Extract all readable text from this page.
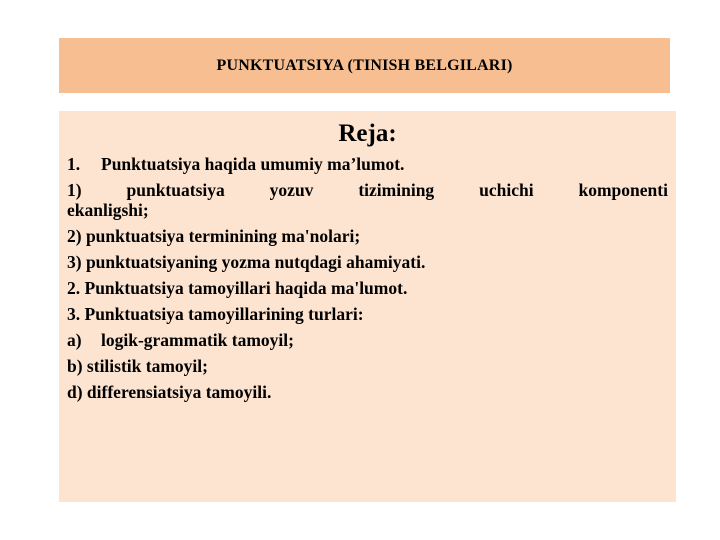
PUNKTUATSIYA (TINISH BELGILARI)
Reja:
1. Punktuatsiya haqida umumiy ma’lumot.
1)	punktuatsiya	yozuv	tizimining	uchichi	komponenti
ekanligshi;
2) punktuatsiya terminining ma'nolari;
3) punktuatsiyaning yozma nutqdagi ahamiyati.
2. Punktuatsiya tamoyillari haqida ma'lumot.
3. Punktuatsiya tamoyillarining turlari:
a) logik-grammatik tamoyil;
b) stilistik tamoyil;
d) differensiatsiya tamoyili.
